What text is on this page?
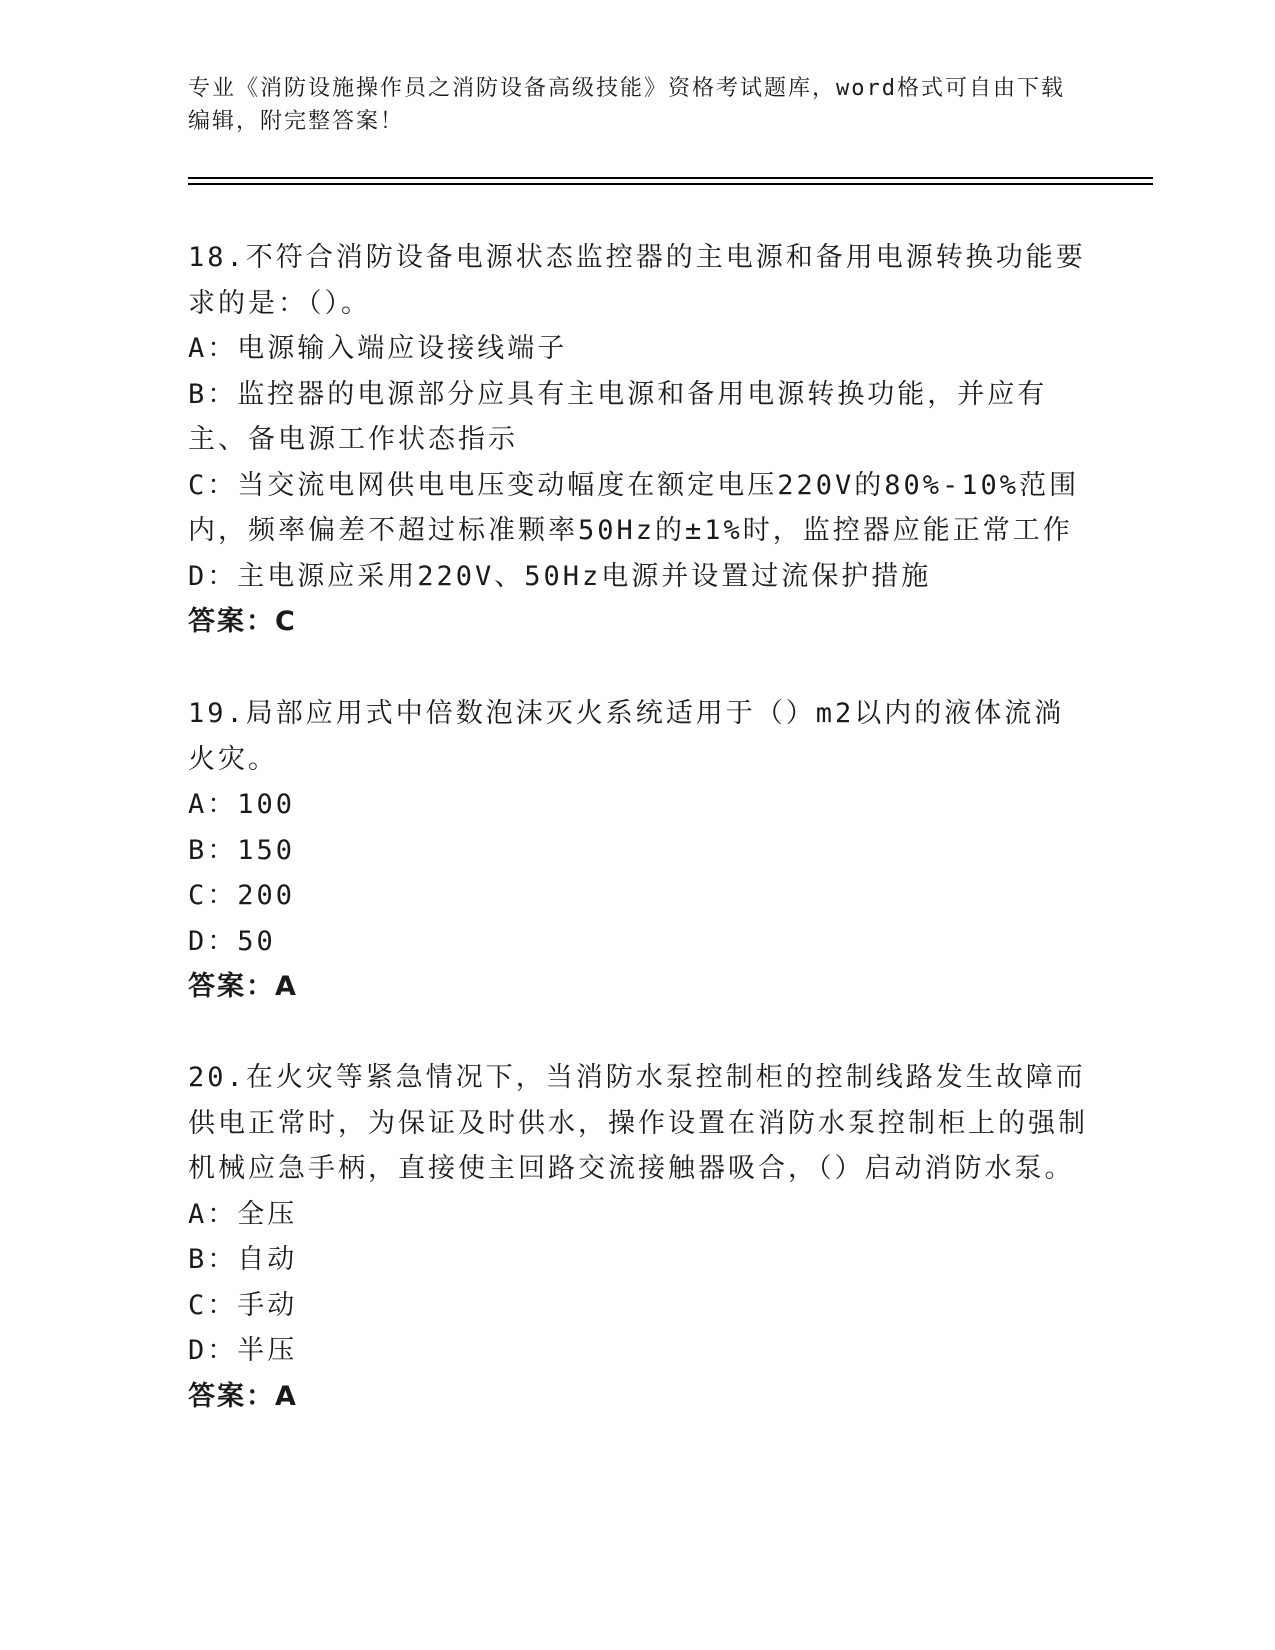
专业《消防设施操作员之消防设备高级技能》资格考试题库，word格式可自由下载编辑，附完整答案！
18.不符合消防设备电源状态监控器的主电源和备用电源转换功能要求的是：（）。
A：电源输入端应设接线端子
B：监控器的电源部分应具有主电源和备用电源转换功能，并应有主、备电源工作状态指示
C：当交流电网供电电压变动幅度在额定电压220V的80%-10%范围内，频率偏差不超过标准颗率50Hz的±1%时，监控器应能正常工作
D：主电源应采用220V、50Hz电源并设置过流保护措施
答案：C
19.局部应用式中倍数泡沫灭火系统适用于（）m2以内的液体流淌火灾。
A：100
B：150
C：200
D：50
答案：A
20.在火灾等紧急情况下，当消防水泵控制柜的控制线路发生故障而供电正常时，为保证及时供水，操作设置在消防水泵控制柜上的强制机械应急手柄，直接使主回路交流接触器吸合，（）启动消防水泵。
A：全压
B：自动
C：手动
D：半压
答案：A
